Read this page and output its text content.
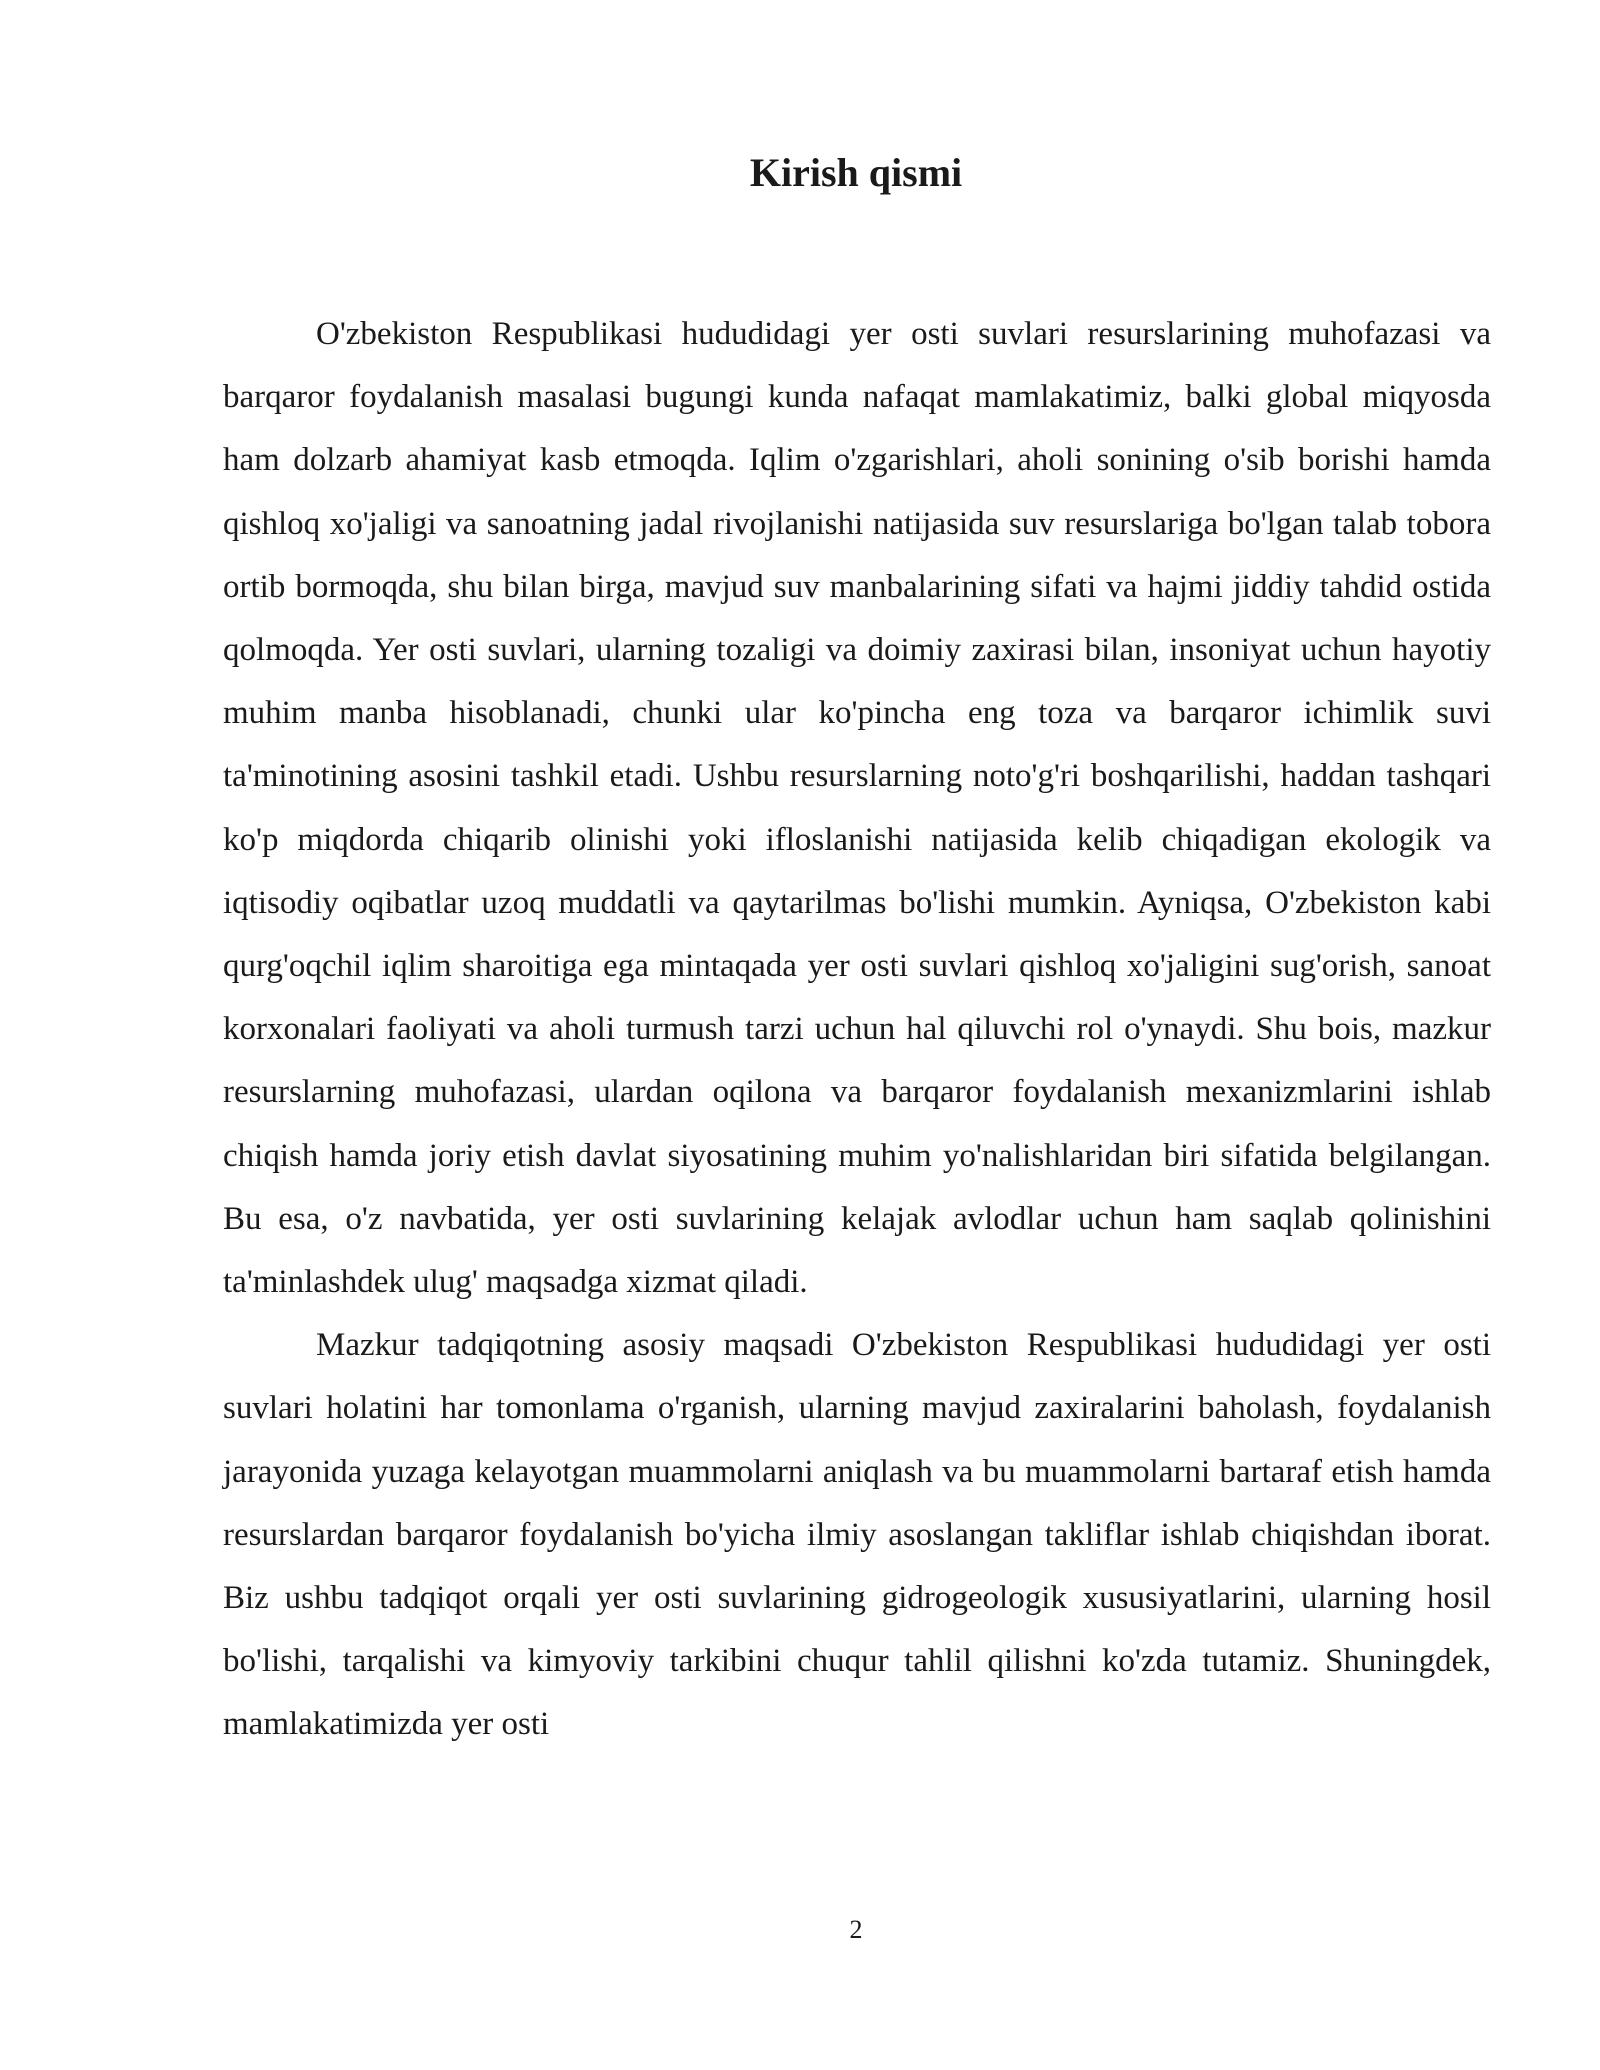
Kirish qismi

O'zbekiston Respublikasi hududidagi yer osti suvlari resurslarining muhofazasi va barqaror foydalanish masalasi bugungi kunda nafaqat mamlakatimiz, balki global miqyosda ham dolzarb ahamiyat kasb etmoqda. Iqlim o'zgarishlari, aholi sonining o'sib borishi hamda qishloq xo'jaligi va sanoatning jadal rivojlanishi natijasida suv resurslariga bo'lgan talab tobora ortib bormoqda, shu bilan birga, mavjud suv manbalarining sifati va hajmi jiddiy tahdid ostida qolmoqda. Yer osti suvlari, ularning tozaligi va doimiy zaxirasi bilan, insoniyat uchun hayotiy muhim manba hisoblanadi, chunki ular ko'pincha eng toza va barqaror ichimlik suvi ta'minotining asosini tashkil etadi. Ushbu resurslarning noto'g'ri boshqarilishi, haddan tashqari ko'p miqdorda chiqarib olinishi yoki ifloslanishi natijasida kelib chiqadigan ekologik va iqtisodiy oqibatlar uzoq muddatli va qaytarilmas bo'lishi mumkin. Ayniqsa, O'zbekiston kabi qurg'oqchil iqlim sharoitiga ega mintaqada yer osti suvlari qishloq xo'jaligini sug'orish, sanoat korxonalari faoliyati va aholi turmush tarzi uchun hal qiluvchi rol o'ynaydi. Shu bois, mazkur resurslarning muhofazasi, ulardan oqilona va barqaror foydalanish mexanizmlarini ishlab chiqish hamda joriy etish davlat siyosatining muhim yo'nalishlaridan biri sifatida belgilangan. Bu esa, o'z navbatida, yer osti suvlarining kelajak avlodlar uchun ham saqlab qolinishini ta'minlashdek ulug' maqsadga xizmat qiladi.

Mazkur tadqiqotning asosiy maqsadi O'zbekiston Respublikasi hududidagi yer osti suvlari holatini har tomonlama o'rganish, ularning mavjud zaxiralarini baholash, foydalanish jarayonida yuzaga kelayotgan muammolarni aniqlash va bu muammolarni bartaraf etish hamda resurslardan barqaror foydalanish bo'yicha ilmiy asoslangan takliflar ishlab chiqishdan iborat. Biz ushbu tadqiqot orqali yer osti suvlarining gidrogeologik xususiyatlarini, ularning hosil bo'lishi, tarqalishi va kimyoviy tarkibini chuqur tahlil qilishni ko'zda tutamiz. Shuningdek, mamlakatimizda yer osti

2
